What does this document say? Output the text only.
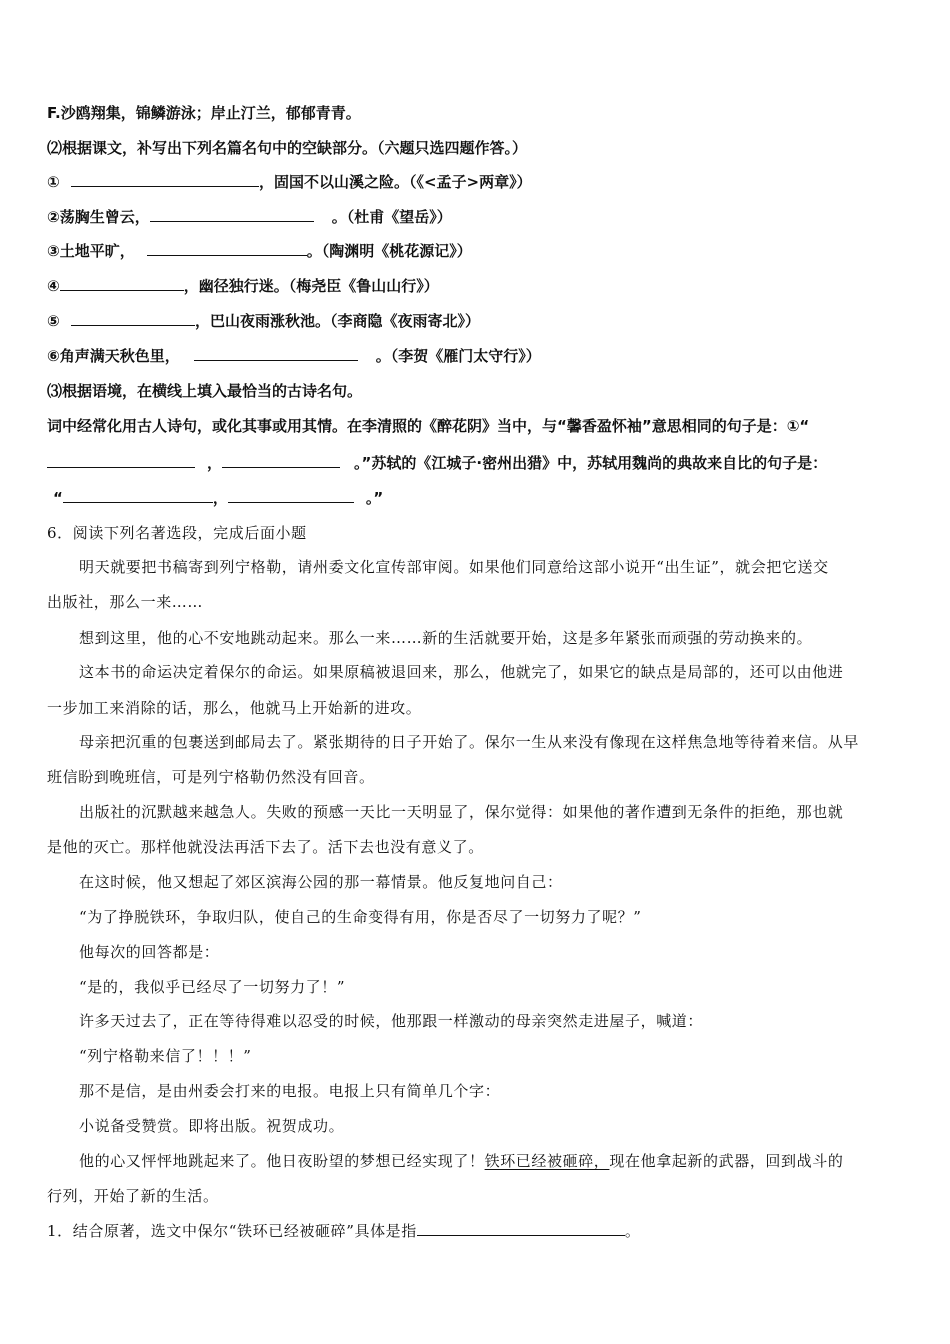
F.沙鸥翔集，锦鳞游泳；岸止汀兰，郁郁青青。
⑵根据课文，补写出下列名篇名句中的空缺部分。（六题只选四题作答。）
①	，固国不以山溪之险。（《<孟子>两章》）
②荡胸生曾云，	。（杜甫《望岳》）
③土地平旷，	。（陶渊明《桃花源记》）
④	，幽径独行迷。（梅尧臣《鲁山山行》）
⑤	，巴山夜雨涨秋池。（李商隐《夜雨寄北》）
⑥角声满天秋色里，	。（李贺《雁门太守行》）
⑶根据语境，在横线上填入最恰当的古诗名句。
词中经常化用古人诗句，或化其事或用其情。在李清照的《醉花阴》当中，与“馨香盈怀袖”意思相同的句子是：①“
，	。”苏轼的《江城子·密州出猎》中，苏轼用魏尚的典故来自比的句子是：
“	，	。”
6．阅读下列名著选段，完成后面小题
明天就要把书稿寄到列宁格勒，请州委文化宣传部审阅。如果他们同意给这部小说开“出生证”，就会把它送交
出版社，那么一来……
想到这里，他的心不安地跳动起来。那么一来……新的生活就要开始，这是多年紧张而顽强的劳动换来的。
这本书的命运决定着保尔的命运。如果原稿被退回来，那么，他就完了，如果它的缺点是局部的，还可以由他进
一步加工来消除的话，那么，他就马上开始新的进攻。
母亲把沉重的包裹送到邮局去了。紧张期待的日子开始了。保尔一生从来没有像现在这样焦急地等待着来信。从早
班信盼到晚班信，可是列宁格勒仍然没有回音。
出版社的沉默越来越急人。失败的预感一天比一天明显了，保尔觉得：如果他的著作遭到无条件的拒绝，那也就
是他的灭亡。那样他就没法再活下去了。活下去也没有意义了。
在这时候，他又想起了郊区滨海公园的那一幕情景。他反复地问自己：
“为了挣脱铁环，争取归队，使自己的生命变得有用，你是否尽了一切努力了呢？”
他每次的回答都是：
“是的，我似乎已经尽了一切努力了！”
许多天过去了，正在等待得难以忍受的时候，他那跟一样激动的母亲突然走进屋子，喊道：
“列宁格勒来信了！！！”
那不是信，是由州委会打来的电报。电报上只有简单几个字：
小说备受赞赏。即将出版。祝贺成功。
他的心又怦怦地跳起来了。他日夜盼望的梦想已经实现了！铁环已经被砸碎，现在他拿起新的武器，回到战斗的
行列，开始了新的生活。
1．结合原著，选文中保尔“铁环已经被砸碎”具体是指	。
